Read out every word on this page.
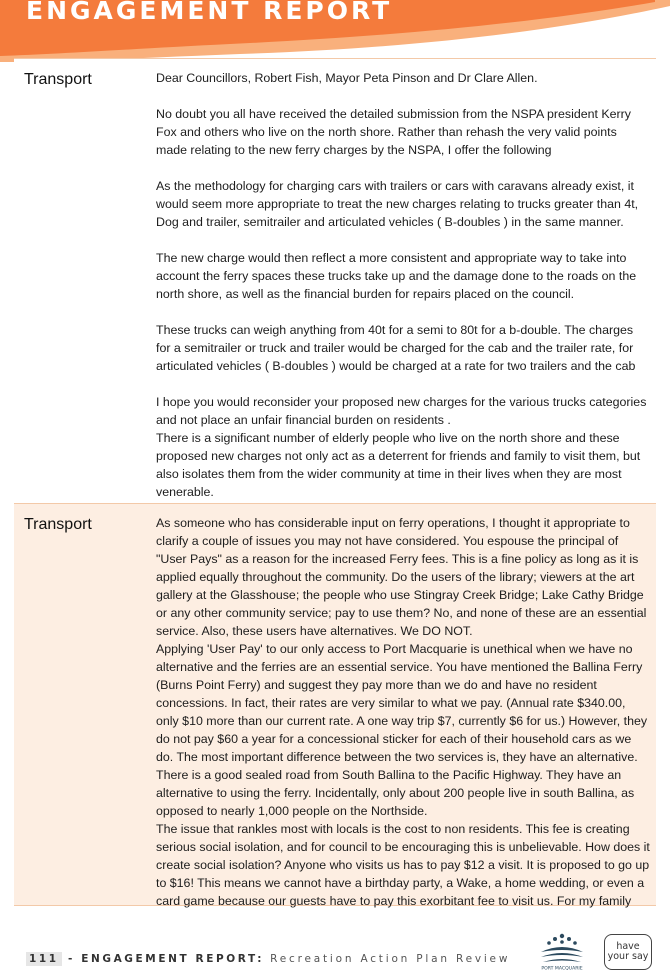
ENGAGEMENT REPORT
Transport	Dear Councillors, Robert Fish, Mayor Peta Pinson and Dr Clare Allen.

No doubt you all have received the detailed submission from the NSPA president Kerry Fox and others who live on the north shore. Rather than rehash the very valid points made relating to the new ferry charges by the NSPA, I offer the following

As the methodology for charging cars with trailers or cars with caravans already exist, it would seem more appropriate to treat the new charges relating to trucks greater than 4t, Dog and trailer, semitrailer and articulated vehicles ( B-doubles ) in the same manner.

The new charge would then reflect a more consistent and appropriate way to take into account the ferry spaces these trucks take up and the damage done to the roads on the north shore, as well as the financial burden for repairs placed on the council.

These trucks can weigh anything from 40t for a semi to 80t for a b-double. The charges for a semitrailer or truck and trailer would be charged for the cab and the trailer rate, for articulated vehicles ( B-doubles ) would be charged at a rate for two trailers and the cab

I hope you would reconsider your proposed new charges for the various trucks categories and not place an unfair financial burden on residents .

There is a significant number of elderly people who live on the north shore and these proposed new charges not only act as a deterrent for friends and family to visit them, but also isolates them from the wider community at time in their lives when they are most venerable.

Transport	As someone who has considerable input on ferry operations, I thought it appropriate to clarify a couple of issues you may not have considered. You espouse the principal of "User Pays" as a reason for the increased Ferry fees. This is a fine policy as long as it is applied equally throughout the community. Do the users of the library; viewers at the art gallery at the Glasshouse; the people who use Stingray Creek Bridge; Lake Cathy Bridge or any other community service; pay to use them? No, and none of these are an essential service. Also, these users have alternatives. We DO NOT.

Applying 'User Pay' to our only access to Port Macquarie is unethical when we have no alternative and the ferries are an essential service. You have mentioned the Ballina Ferry (Burns Point Ferry) and suggest they pay more than we do and have no resident concessions. In fact, their rates are very similar to what we pay. (Annual rate $340.00, only $10 more than our current rate. A one way trip $7, currently $6 for us.) However, they do not pay $60 a year for a concessional sticker for each of their household cars as we do. The most important difference between the two services is, they have an alternative. There is a good sealed road from South Ballina to the Pacific Highway. They have an alternative to using the ferry. Incidentally, only about 200 people live in south Ballina, as opposed to nearly 1,000 people on the Northside.

The issue that rankles most with locals is the cost to non residents. This fee is creating serious social isolation, and for council to be encouraging this is unbelievable. How does it create social isolation? Anyone who visits us has to pay $12 a visit. It is proposed to go up to $16! This means we cannot have a birthday party, a Wake, a home wedding, or even a card game because our guests have to pay this exorbitant fee to visit us. For my family

111 - ENGAGEMENT REPORT: Recreation Action Plan Review
PORT MACQUARIE
have
your say
